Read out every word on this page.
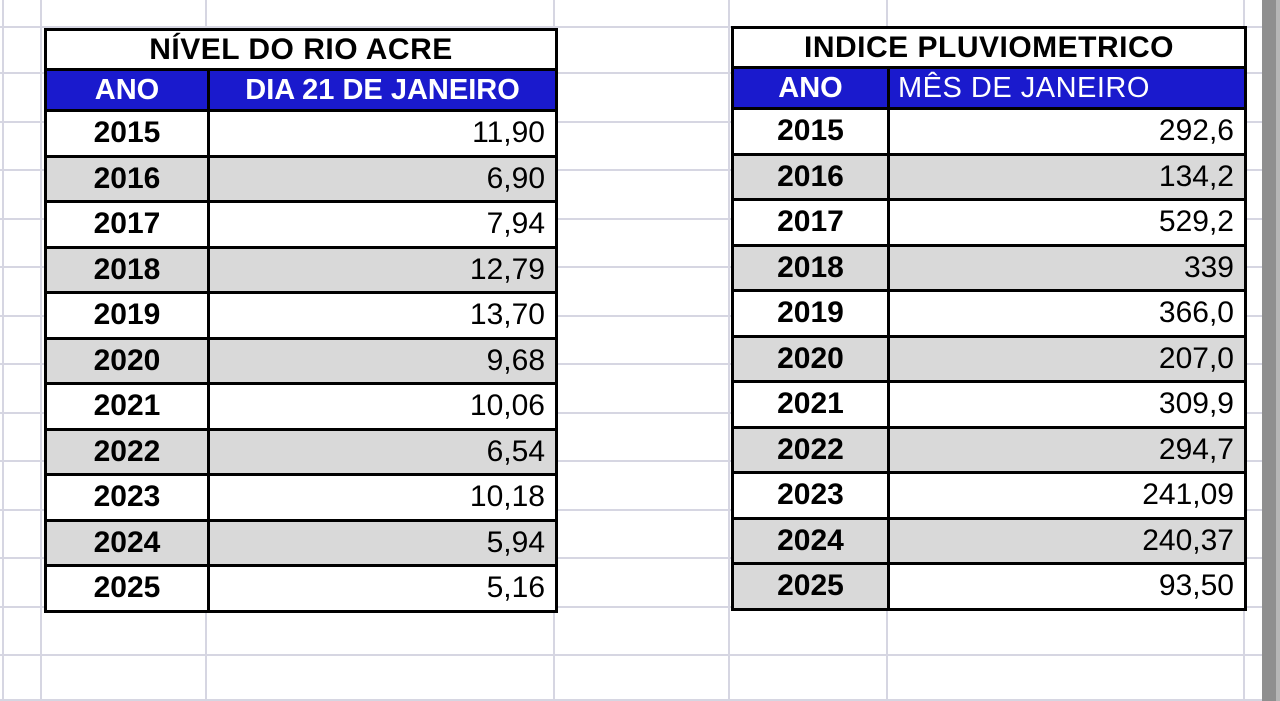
NÍVEL DO RIO ACRE	
ANO	DIA 21 DE JANEIRO
2015	11,90
2016	6,90
2017	7,94
2018	12,79
2019	13,70
2020	9,68
2021	10,06
2022	6,54
2023	10,18
2024	5,94
2025	5,16
INDICE PLUVIOMETRICO	
ANO	MÊS DE JANEIRO
2015	292,6
2016	134,2
2017	529,2
2018	339
2019	366,0
2020	207,0
2021	309,9
2022	294,7
2023	241,09
2024	240,37
2025	93,50
